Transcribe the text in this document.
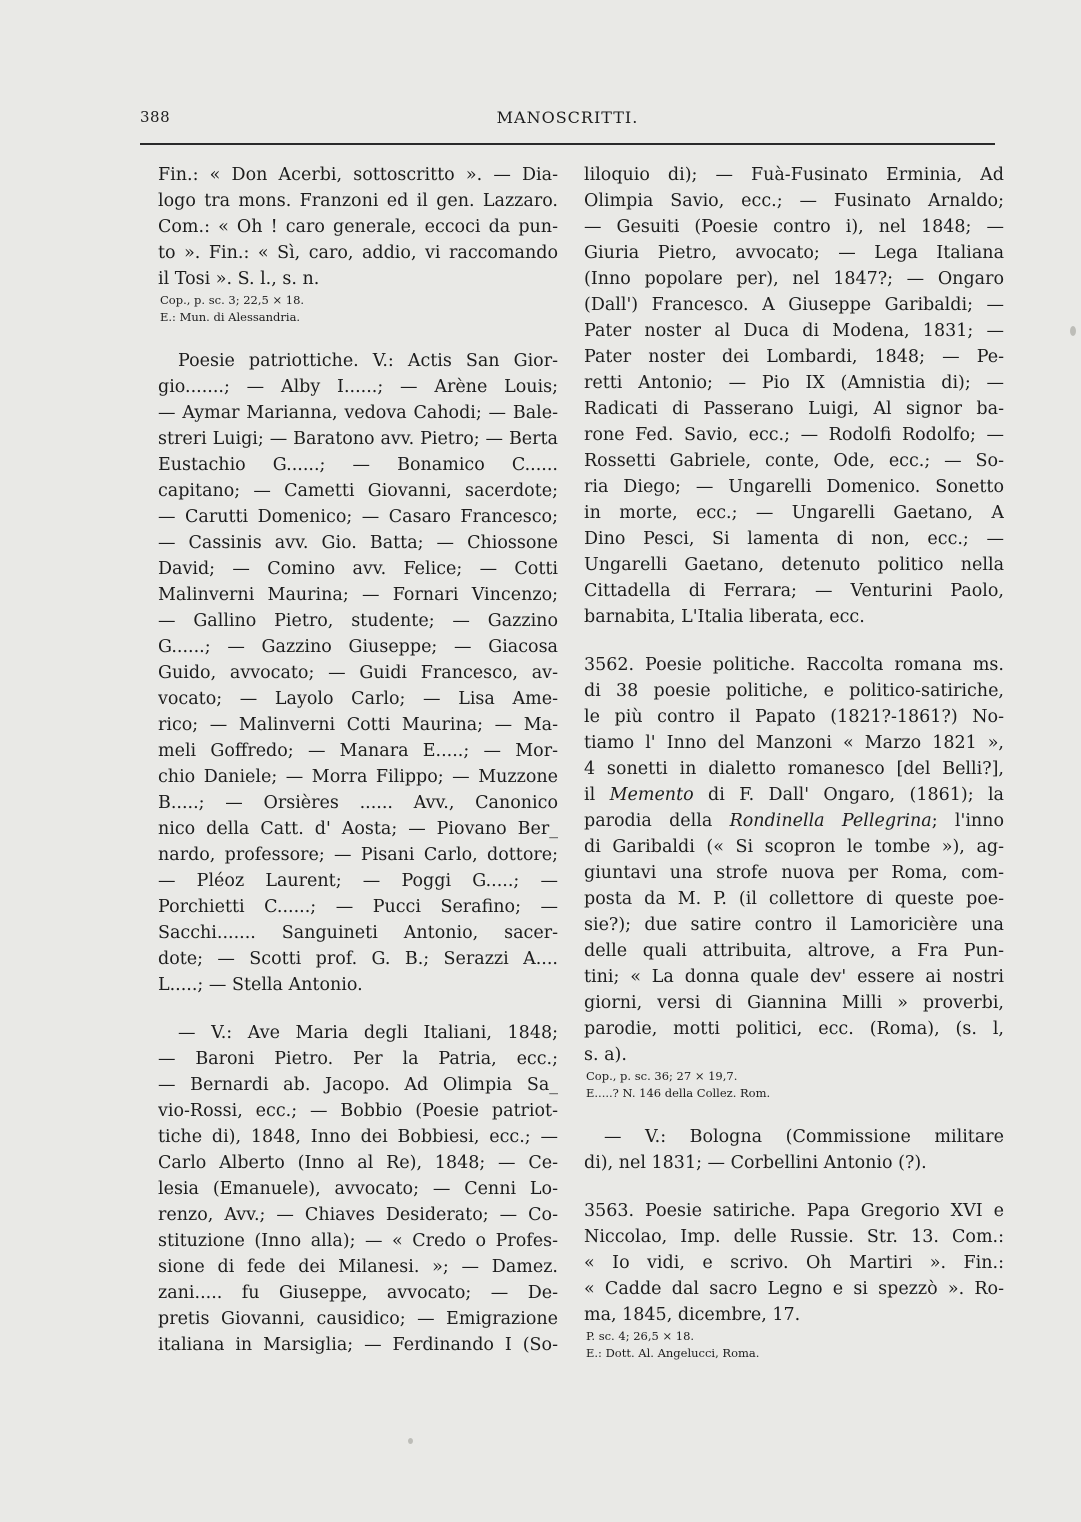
388	MANOSCRITTI.
Fin.: « Don Acerbi, sottoscritto ». — Dia-
logo tra mons. Franzoni ed il gen. Lazzaro.
Com.: « Oh ! caro generale, eccoci da pun-
to ». Fin.: « Sì, caro, addio, vi raccomando
il Tosi ». S. l., s. n.
Cop., p. sc. 3; 22,5 ⨯ 18.
E.: Mun. di Alessandria.
Poesie patriottiche. V.: Actis San Gior-
gio.......; — Alby I......; — Arène Louis;
— Aymar Marianna, vedova Cahodi; — Bale-
streri Luigi; — Baratono avv. Pietro; — Berta
Eustachio G......; — Bonamico C......
capitano; — Cametti Giovanni, sacerdote;
— Carutti Domenico; — Casaro Francesco;
— Cassinis avv. Gio. Batta; — Chiossone
David; — Comino avv. Felice; — Cotti
Malinverni Maurina; — Fornari Vincenzo;
— Gallino Pietro, studente; — Gazzino
G......; — Gazzino Giuseppe; — Giacosa
Guido, avvocato; — Guidi Francesco, av-
vocato; — Layolo Carlo; — Lisa Ame-
rico; — Malinverni Cotti Maurina; — Ma-
meli Goffredo; — Manara E.....; — Mor-
chio Daniele; — Morra Filippo; — Muzzone
B.....; — Orsières ...... Avv., Canonico
nico della Catt. d' Aosta; — Piovano Ber_
nardo, professore; — Pisani Carlo, dottore;
— Pléoz Laurent; — Poggi G.....; —
Porchietti C......; — Pucci Serafino; —
Sacchi....... Sanguineti Antonio, sacer-
dote; — Scotti prof. G. B.; Serazzi A....
L.....; — Stella Antonio.
— V.: Ave Maria degli Italiani, 1848;
— Baroni Pietro. Per la Patria, ecc.;
— Bernardi ab. Jacopo. Ad Olimpia Sa_
vio-Rossi, ecc.; — Bobbio (Poesie patriot-
tiche di), 1848, Inno dei Bobbiesi, ecc.; —
Carlo Alberto (Inno al Re), 1848; — Ce-
lesia (Emanuele), avvocato; — Cenni Lo-
renzo, Avv.; — Chiaves Desiderato; — Co-
stituzione (Inno alla); — « Credo o Profes-
sione di fede dei Milanesi. »; — Damez.
zani..... fu Giuseppe, avvocato; — De-
pretis Giovanni, causidico; — Emigrazione
italiana in Marsiglia; — Ferdinando I (So-
liloquio di); — Fuà-Fusinato Erminia, Ad
Olimpia Savio, ecc.; — Fusinato Arnaldo;
— Gesuiti (Poesie contro i), nel 1848; —
Giuria Pietro, avvocato; — Lega Italiana
(Inno popolare per), nel 1847?; — Ongaro
(Dall') Francesco. A Giuseppe Garibaldi; —
Pater noster al Duca di Modena, 1831; —
Pater noster dei Lombardi, 1848; — Pe-
retti Antonio; — Pio IX (Amnistia di); —
Radicati di Passerano Luigi, Al signor ba-
rone Fed. Savio, ecc.; — Rodolfi Rodolfo; —
Rossetti Gabriele, conte, Ode, ecc.; — So-
ria Diego; — Ungarelli Domenico. Sonetto
in morte, ecc.; — Ungarelli Gaetano, A
Dino Pesci, Si lamenta di non, ecc.; —
Ungarelli Gaetano, detenuto politico nella
Cittadella di Ferrara; — Venturini Paolo,
barnabita, L'Italia liberata, ecc.
3562. Poesie politiche. Raccolta romana ms.
di 38 poesie politiche, e politico-satiriche,
le più contro il Papato (1821?-1861?) No-
tiamo l' Inno del Manzoni « Marzo 1821 »,
4 sonetti in dialetto romanesco [del Belli?],
il Memento di F. Dall' Ongaro, (1861); la
parodia della Rondinella Pellegrina; l'inno
di Garibaldi (« Si scopron le tombe »), ag-
giuntavi una strofe nuova per Roma, com-
posta da M. P. (il collettore di queste poe-
sie?); due satire contro il Lamoricière una
delle quali attribuita, altrove, a Fra Pun-
tini; « La donna quale dev' essere ai nostri
giorni, versi di Giannina Milli » proverbi,
parodie, motti politici, ecc. (Roma), (s. l,
s. a).
Cop., p. sc. 36; 27 ⨯ 19,7.
E.....? N. 146 della Collez. Rom.
— V.: Bologna (Commissione militare
di), nel 1831; — Corbellini Antonio (?).
3563. Poesie satiriche. Papa Gregorio XVI e
Niccolao, Imp. delle Russie. Str. 13. Com.:
« Io vidi, e scrivo. Oh Martiri ». Fin.:
« Cadde dal sacro Legno e si spezzò ». Ro-
ma, 1845, dicembre, 17.
P. sc. 4; 26,5 ⨯ 18.
E.: Dott. Al. Angelucci, Roma.
